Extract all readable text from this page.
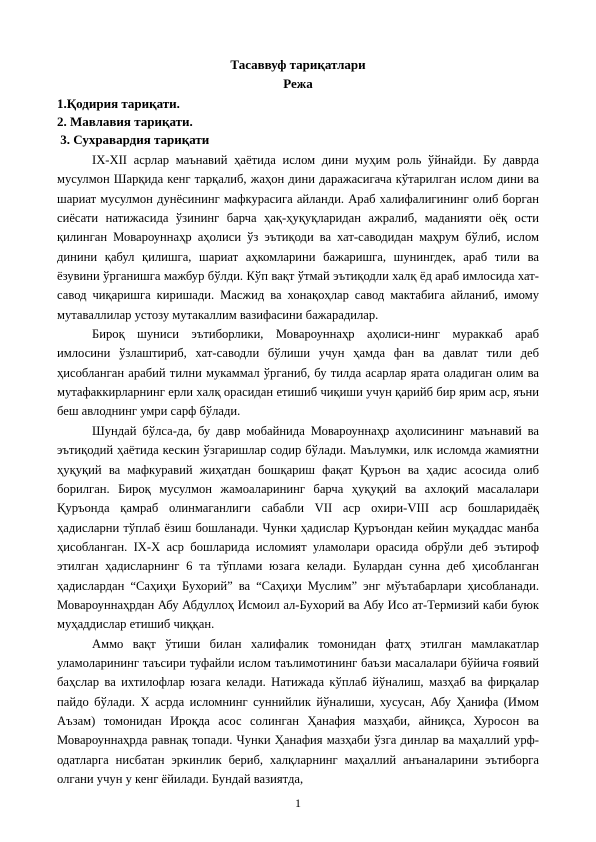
Тасаввуф тариқатлари
Режа
1.Қодирия тариқати.
2. Мавлавия тариқати.
3. Сухравардия тариқати

IX-XII асрлар маънавий ҳаётида ислом дини муҳим роль ўйнайди. Бу даврда мусулмон Шарқида кенг тарқалиб, жаҳон дини даражасигача кўтарилган ислом дини ва шариат мусулмон дунёсининг мафкурасига айланди. Араб халифалигининг олиб борган сиёсати натижасида ўзининг барча ҳақ-ҳуқуқларидан ажралиб, маданияти оёқ ости қилинган Мовароуннаҳр аҳолиси ўз эътиқоди ва хат-саводидан маҳрум бўлиб, ислом динини қабул қилишга, шариат аҳкомларини бажаришга, шунингдек, араб тили ва ёзувини ўрганишга мажбур бўлди. Кўп вақт ўтмай эътиқодли халқ ёд араб имлосида хат-савод чиқаришга киришади. Масжид ва хонақоҳлар савод мактабига айланиб, имому мутаваллилар устозу мутакаллим вазифасини бажарадилар.

Бироқ шуниси эътиборлики, Мовароуннаҳр аҳолиси-нинг мураккаб араб имлосини ўзлаштириб, хат-саводли бўлиши учун ҳамда фан ва давлат тили деб ҳисобланган арабий тилни мукаммал ўрганиб, бу тилда асарлар ярата оладиган олим ва мутафаккирларнинг ерли халқ орасидан етишиб чиқиши учун қарийб бир ярим аср, яъни беш авлоднинг умри сарф бўлади.

Шундай бўлса-да, бу давр мобайнида Мовароуннаҳр аҳолисининг маънавий ва эътиқодий ҳаётида кескин ўзгаришлар содир бўлади. Маълумки, илк исломда жамиятни ҳуқуқий ва мафкуравий жиҳатдан бошқариш фақат Қуръон ва ҳадис асосида олиб борилган. Бироқ мусулмон жамоаларининг барча ҳуқуқий ва ахлоқий масалалари Қуръонда қамраб олинмаганлиги сабабли VII аср охири-VIII аср бошларидаёқ ҳадисларни тўплаб ёзиш бошланади. Чунки ҳадислар Қуръондан кейин муқаддас манба ҳисобланган. IX-X аср бошларида исломият уламолари орасида обрўли деб эътироф этилган ҳадисларнинг 6 та тўплами юзага келади. Булардан сунна деб ҳисобланган ҳадислардан “Саҳиҳи Бухорий” ва “Саҳиҳи Муслим” энг мўътабарлари ҳисобланади. Мовароуннаҳрдан Абу Абдуллоҳ Исмоил ал-Бухорий ва Абу Исо ат-Термизий каби буюк муҳаддислар етишиб чиққан.

Аммо вақт ўтиши билан халифалик томонидан фатҳ этилган мамлакатлар уламоларининг таъсири туфайли ислом таълимотининг баъзи масалалари бўйича ғоявий баҳслар ва ихтилофлар юзага келади. Натижада кўплаб йўналиш, мазҳаб ва фирқалар пайдо бўлади. Х асрда исломнинг суннийлик йўналиши, хусусан, Абу Ҳанифа (Имом Аъзам) томонидан Ироқда асос солинган Ҳанафия мазҳаби, айниқса, Хуросон ва Мовароуннаҳрда равнақ топади. Чунки Ҳанафия мазҳаби ўзга динлар ва маҳаллий урф-одатларга нисбатан эркинлик бериб, халқларнинг маҳаллий анъаналарини эътиборга олгани учун у кенг ёйилади. Бундай вазиятда,

1
